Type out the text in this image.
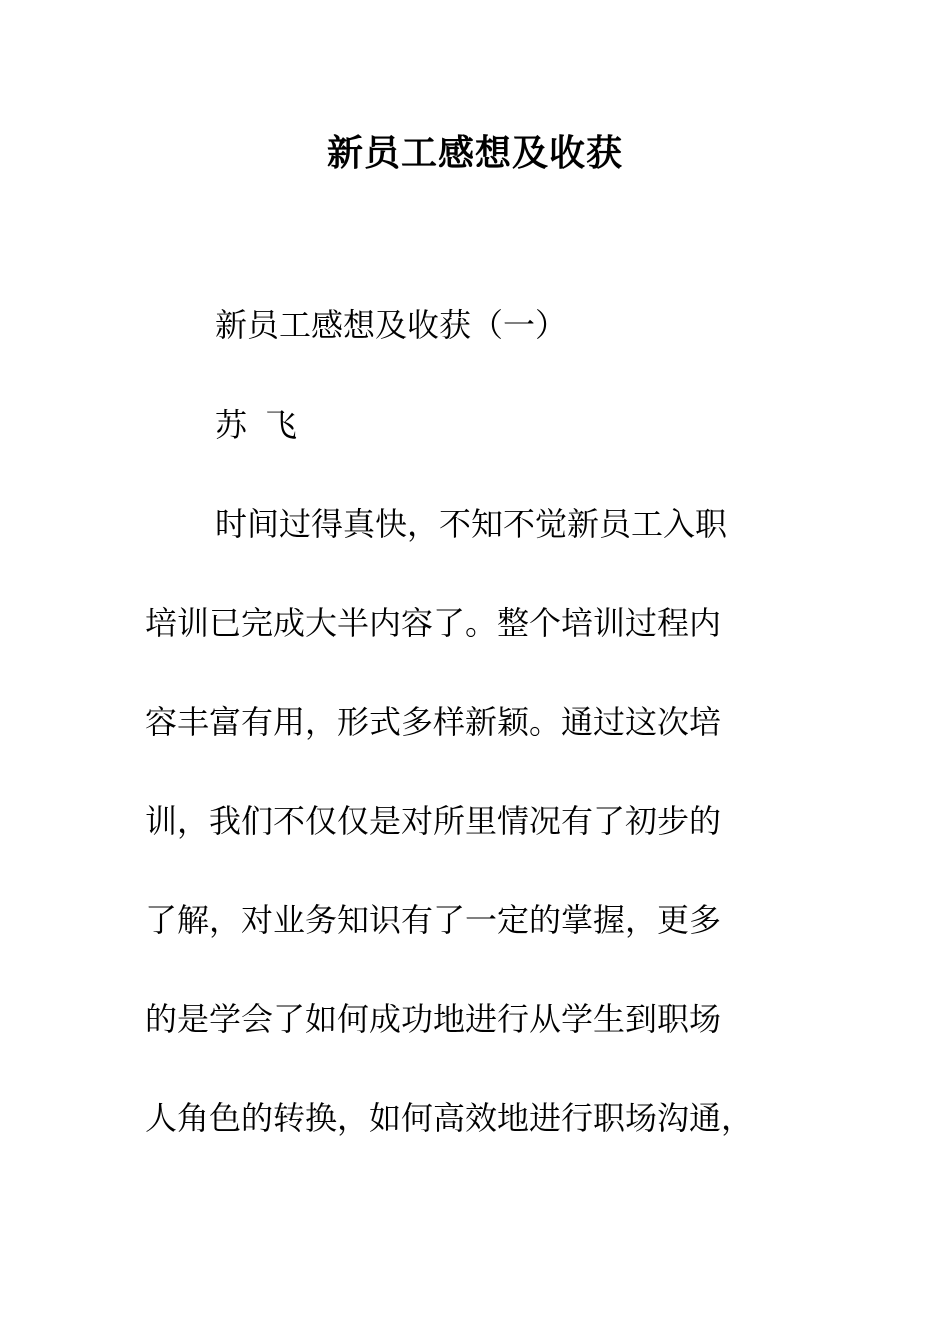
新员工感想及收获
新员工感想及收获（一）
苏 飞
时间过得真快，不知不觉新员工入职
培训已完成大半内容了。整个培训过程内
容丰富有用，形式多样新颖。通过这次培
训，我们不仅仅是对所里情况有了初步的
了解，对业务知识有了一定的掌握，更多
的是学会了如何成功地进行从学生到职场
人角色的转换，如何高效地进行职场沟通，
